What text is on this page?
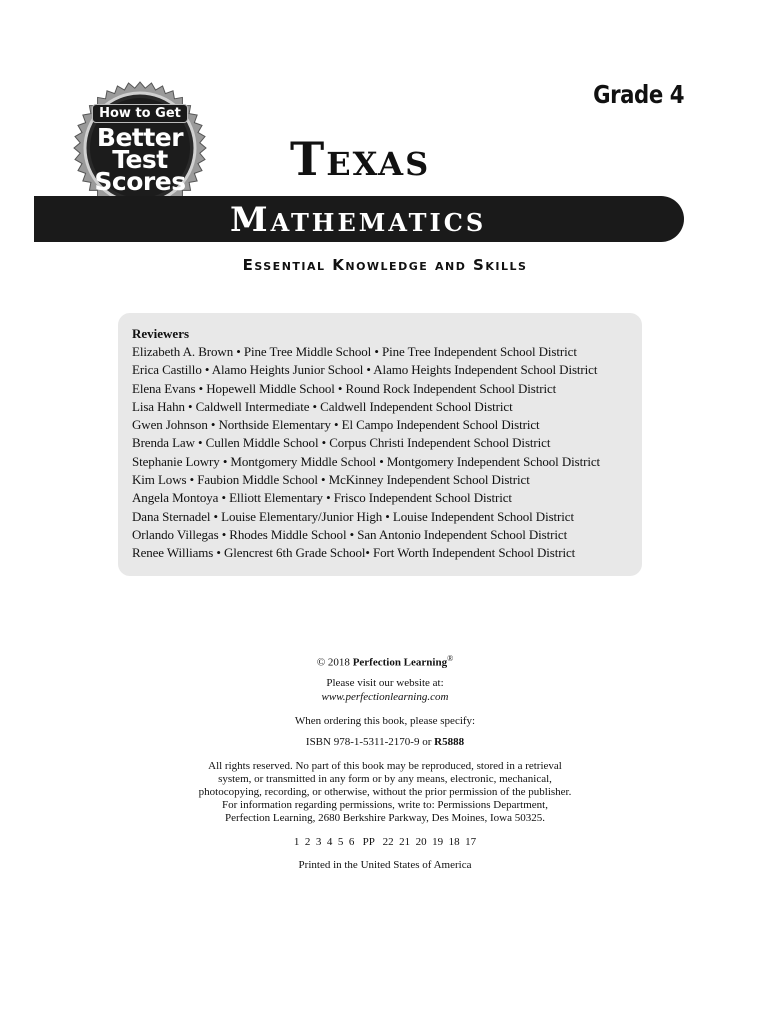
How to Get
Better
Test
Scores
Grade 4
Texas
Mathematics
Essential Knowledge and Skills
Reviewers
Elizabeth A. Brown • Pine Tree Middle School • Pine Tree Independent School District
Erica Castillo • Alamo Heights Junior School • Alamo Heights Independent School District
Elena Evans • Hopewell Middle School • Round Rock Independent School District
Lisa Hahn • Caldwell Intermediate • Caldwell Independent School District
Gwen Johnson • Northside Elementary • El Campo Independent School District
Brenda Law • Cullen Middle School • Corpus Christi Independent School District
Stephanie Lowry • Montgomery Middle School • Montgomery Independent School District
Kim Lows • Faubion Middle School • McKinney Independent School District
Angela Montoya • Elliott Elementary • Frisco Independent School District
Dana Sternadel • Louise Elementary/Junior High • Louise Independent School District
Orlando Villegas • Rhodes Middle School • San Antonio Independent School District
Renee Williams • Glencrest 6th Grade School• Fort Worth Independent School District
© 2018 Perfection Learning®
Please visit our website at:
www.perfectionlearning.com
When ordering this book, please specify:
ISBN 978-1-5311-2170-9 or R5888
All rights reserved. No part of this book may be reproduced, stored in a retrieval
system, or transmitted in any form or by any means, electronic, mechanical,
photocopying, recording, or otherwise, without the prior permission of the publisher.
For information regarding permissions, write to: Permissions Department,
Perfection Learning, 2680 Berkshire Parkway, Des Moines, Iowa 50325.
1  2  3  4  5  6   PP   22  21  20  19  18  17
Printed in the United States of America
